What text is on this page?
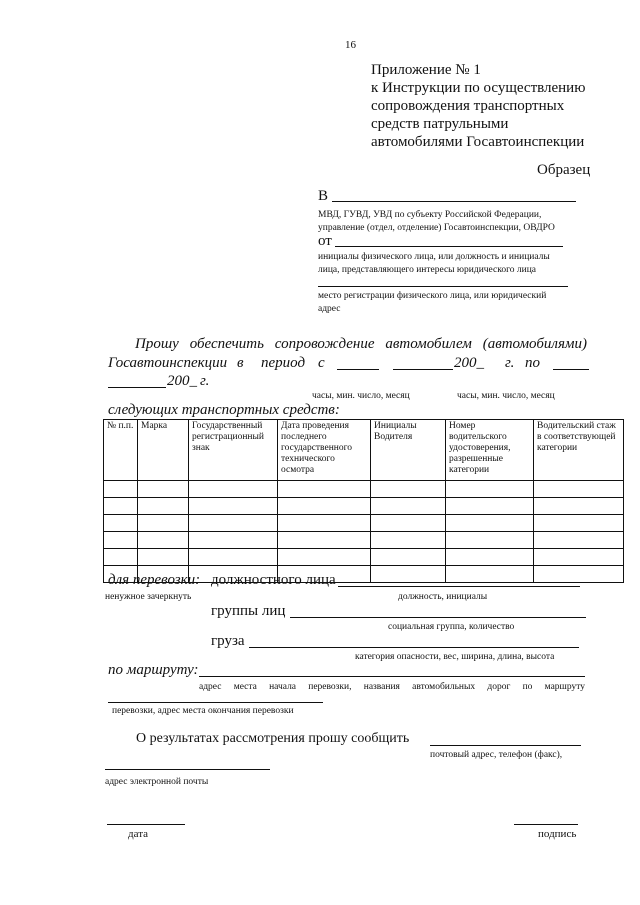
16
Приложение № 1
к Инструкции по осуществлению
сопровождения транспортных
средств патрульными
автомобилями Госавтоинспекции
Образец
В
МВД, ГУВД, УВД по субъекту Российской Федерации,
управление (отдел, отделение) Госавтоинспекции, ОВДРО
от
инициалы физического лица, или должность и инициалы
лица, представляющего интересы юридического лица
место регистрации физического лица, или юридический
адрес
Прошу обеспечить сопровождение автомобилем (автомобилями)
Госавтоинспекции в период с	200_ г. по
200_ г.
часы, мин. число, месяц	часы, мин. число, месяц
следующих транспортных средств:
№ п.п.	Марка	Государственный регистрационный знак	Дата проведения последнего государственного технического осмотра	Инициалы Водителя	Номер водительского удостоверения, разрешенные категории	Водительский стаж в соответствующей категории

для перевозки: должностного лица
ненужное зачеркнуть	должность, инициалы
группы лиц
социальная группа, количество
груза
категория опасности, вес, ширина, длина, высота
по маршруту:
адрес места начала перевозки, названия автомобильных дорог по маршруту
перевозки, адрес места окончания перевозки
О результатах рассмотрения прошу сообщить
почтовый адрес, телефон (факс),
адрес электронной почты
дата	подпись
